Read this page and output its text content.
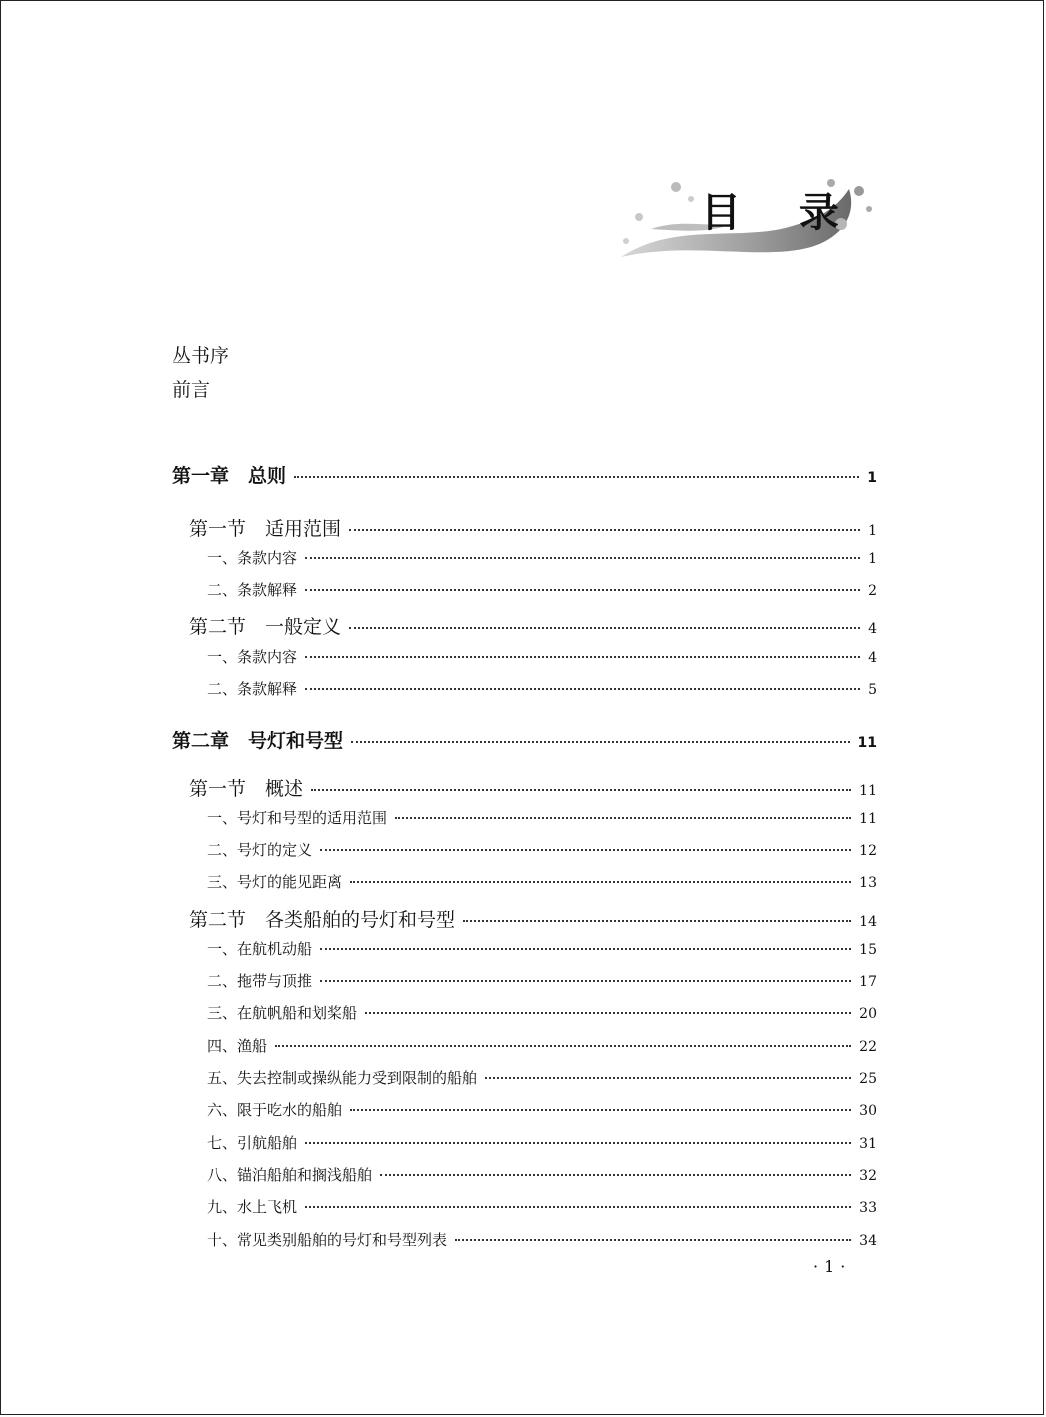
目 录
丛书序
前言
第一章　总则	1
第一节　适用范围	1
一、条款内容	1
二、条款解释	2
第二节　一般定义	4
一、条款内容	4
二、条款解释	5
第二章　号灯和号型	11
第一节　概述	11
一、号灯和号型的适用范围	11
二、号灯的定义	12
三、号灯的能见距离	13
第二节　各类船舶的号灯和号型	14
一、在航机动船	15
二、拖带与顶推	17
三、在航帆船和划桨船	20
四、渔船	22
五、失去控制或操纵能力受到限制的船舶	25
六、限于吃水的船舶	30
七、引航船舶	31
八、锚泊船舶和搁浅船舶	32
九、水上飞机	33
十、常见类别船舶的号灯和号型列表	34
·1·
